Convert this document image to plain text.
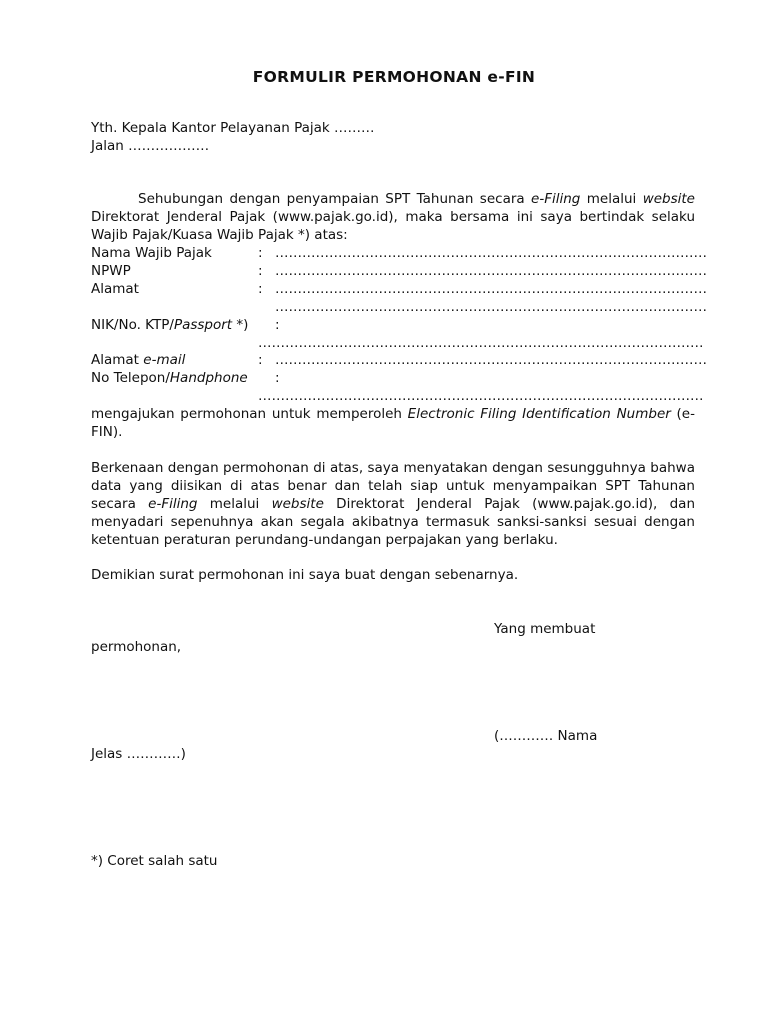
FORMULIR PERMOHONAN e-FIN
Yth. Kepala Kantor Pelayanan Pajak ………
Jalan ………………
Sehubungan dengan penyampaian SPT Tahunan secara e-Filing melalui website Direktorat Jenderal Pajak (www.pajak.go.id), maka bersama ini saya bertindak selaku Wajib Pajak/Kuasa Wajib Pajak *) atas:
Nama Wajib Pajak	: ……………………………………………………………………………………
NPWP	: ……………………………………………………………………………………
Alamat	: ……………………………………………………………………………………
……………………………………………………………………………………
NIK/No. KTP/Passport *) :
………………………………………………………………………………………
Alamat e-mail	: ……………………………………………………………………………………
No Telepon/Handphone :
………………………………………………………………………………………
mengajukan permohonan untuk memperoleh Electronic Filing Identification Number (e-FIN).
Berkenaan dengan permohonan di atas, saya menyatakan dengan sesungguhnya bahwa data yang diisikan di atas benar dan telah siap untuk menyampaikan SPT Tahunan secara e-Filing melalui website Direktorat Jenderal Pajak (www.pajak.go.id), dan menyadari sepenuhnya akan segala akibatnya termasuk sanksi-sanksi sesuai dengan ketentuan peraturan perundang-undangan perpajakan yang berlaku.
Demikian surat permohonan ini saya buat dengan sebenarnya.
Yang membuat
permohonan,
(………… Nama
Jelas …………)
*) Coret salah satu
